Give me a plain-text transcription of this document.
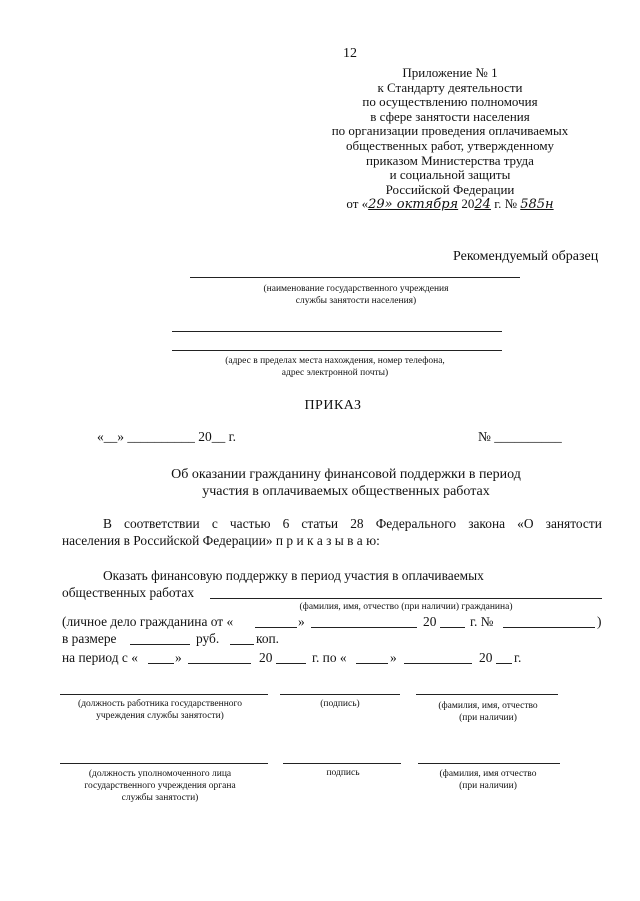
12
Приложение № 1
к Стандарту деятельности
по осуществлению полномочия
в сфере занятости населения
по организации проведения оплачиваемых
общественных работ, утвержденному
приказом Министерства труда
и социальной защиты
Российской Федерации
от «29» октября 2024 г. № 585н
Рекомендуемый образец
(наименование государственного учреждения
службы занятости населения)
(адрес в пределах места нахождения, номер телефона,
адрес электронной почты)
ПРИКАЗ
«__» __________ 20__ г.	№ __________
Об оказании гражданину финансовой поддержки в период
участия в оплачиваемых общественных работах
В соответствии с частью 6 статьи 28 Федерального закона «О занятости
населения в Российской Федерации» п р и к а з ы в а ю:
Оказать финансовую поддержку в период участия в оплачиваемых
общественных работах
(фамилия, имя, отчество (при наличии) гражданина)
(личное дело гражданина от «	»	20	г. №	)
в размере	руб.	коп.
на период с «	»	20	г. по «	»	20 г.
(должность работника государственного
учреждения службы занятости)
(подпись)	(фамилия, имя, отчество
(при наличии)
(должность уполномоченного лица
государственного учреждения органа
службы занятости)
подпись	(фамилия, имя отчество
(при наличии)
